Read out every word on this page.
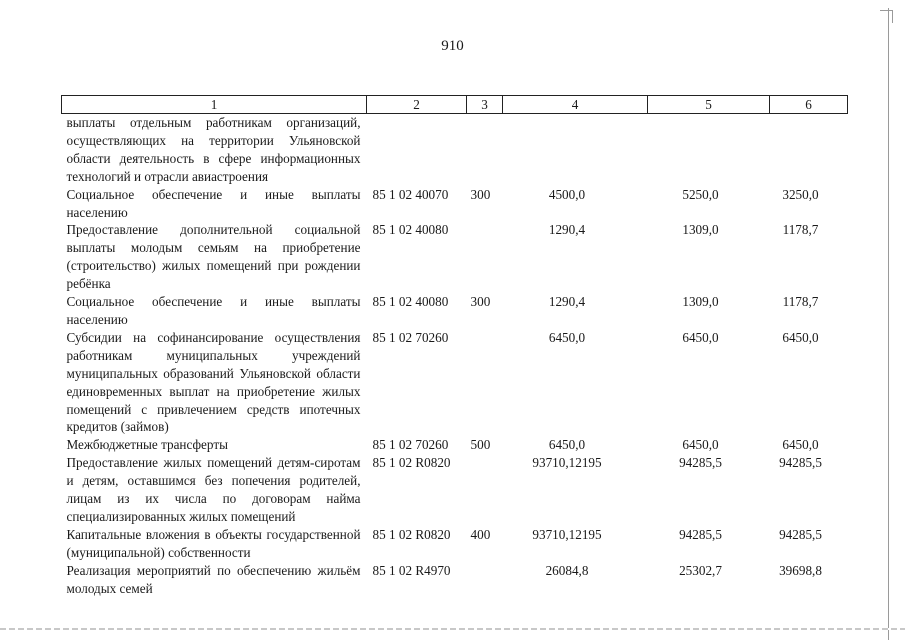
910
1	2	3	4	5	6
выплаты отдельным работникам организаций, осуществляющих на территории Ульяновской области деятельность в сфере информационных технологий и отрасли авиастроения					
Социальное обеспечение и иные выплаты населению	85 1 02 40070	300	4500,0	5250,0	3250,0
Предоставление дополнительной социальной выплаты молодым семьям на приобретение (строительство) жилых помещений при рождении ребёнка	85 1 02 40080		1290,4	1309,0	1178,7
Социальное обеспечение и иные выплаты населению	85 1 02 40080	300	1290,4	1309,0	1178,7
Субсидии на софинансирование осуществления работникам муниципальных учреждений муниципальных образований Ульяновской области единовременных выплат на приобретение жилых помещений с привлечением средств ипотечных кредитов (займов)	85 1 02 70260		6450,0	6450,0	6450,0
Межбюджетные трансферты	85 1 02 70260	500	6450,0	6450,0	6450,0
Предоставление жилых помещений детям-сиротам и детям, оставшимся без попечения родителей, лицам из их числа по договорам найма специализированных жилых помещений	85 1 02 R0820		93710,12195	94285,5	94285,5
Капитальные вложения в объекты государственной (муниципальной) собственности	85 1 02 R0820	400	93710,12195	94285,5	94285,5
Реализация мероприятий по обеспечению жильём молодых семей	85 1 02 R4970		26084,8	25302,7	39698,8
